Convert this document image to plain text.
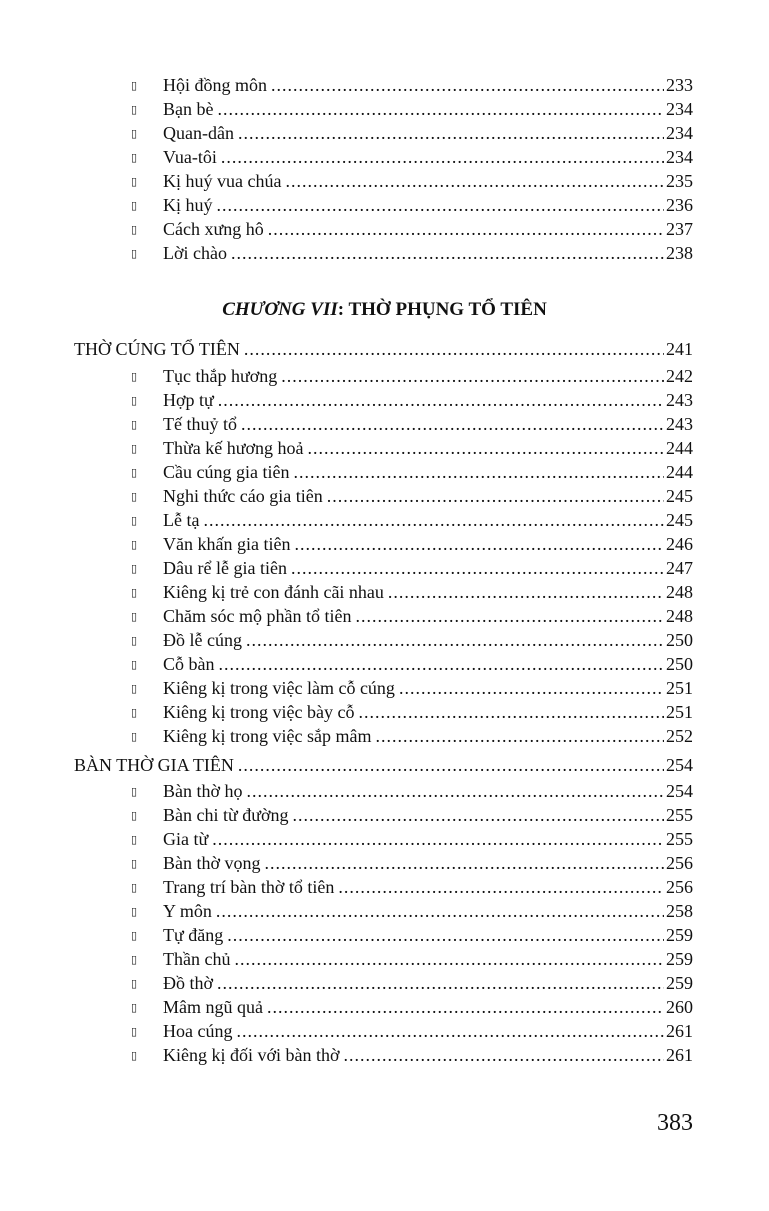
▯	Hội đồng môn .....	233
▯	Bạn bè .....	234
▯	Quan-dân .....	234
▯	Vua-tôi .....	234
▯	Kị huý vua chúa .....	235
▯	Kị huý .....	236
▯	Cách xưng hô .....	237
▯	Lời chào .....	238
CHƯƠNG VII: THỜ PHỤNG TỔ TIÊN
THỜ CÚNG TỔ TIÊN .....	241
▯	Tục thắp hương .....	242
▯	Hợp tự .....	243
▯	Tế thuỷ tổ .....	243
▯	Thừa kế hương hoả .....	244
▯	Cầu cúng gia tiên .....	244
▯	Nghi thức cáo gia tiên .....	245
▯	Lễ tạ .....	245
▯	Văn khấn gia tiên .....	246
▯	Dâu rể lễ gia tiên .....	247
▯	Kiêng kị trẻ con đánh cãi nhau .....	248
▯	Chăm sóc mộ phần tổ tiên .....	248
▯	Đồ lễ cúng .....	250
▯	Cỗ bàn .....	250
▯	Kiêng kị trong việc làm cỗ cúng .....	251
▯	Kiêng kị trong việc bày cỗ .....	251
▯	Kiêng kị trong việc sắp mâm .....	252
BÀN THỜ GIA TIÊN .....	254
▯	Bàn thờ họ .....	254
▯	Bàn chi từ đường .....	255
▯	Gia từ .....	255
▯	Bàn thờ vọng .....	256
▯	Trang trí bàn thờ tổ tiên .....	256
▯	Y môn .....	258
▯	Tự đăng .....	259
▯	Thần chủ .....	259
▯	Đồ thờ .....	259
▯	Mâm ngũ quả .....	260
▯	Hoa cúng .....	261
▯	Kiêng kị đối với bàn thờ .....	261
383
